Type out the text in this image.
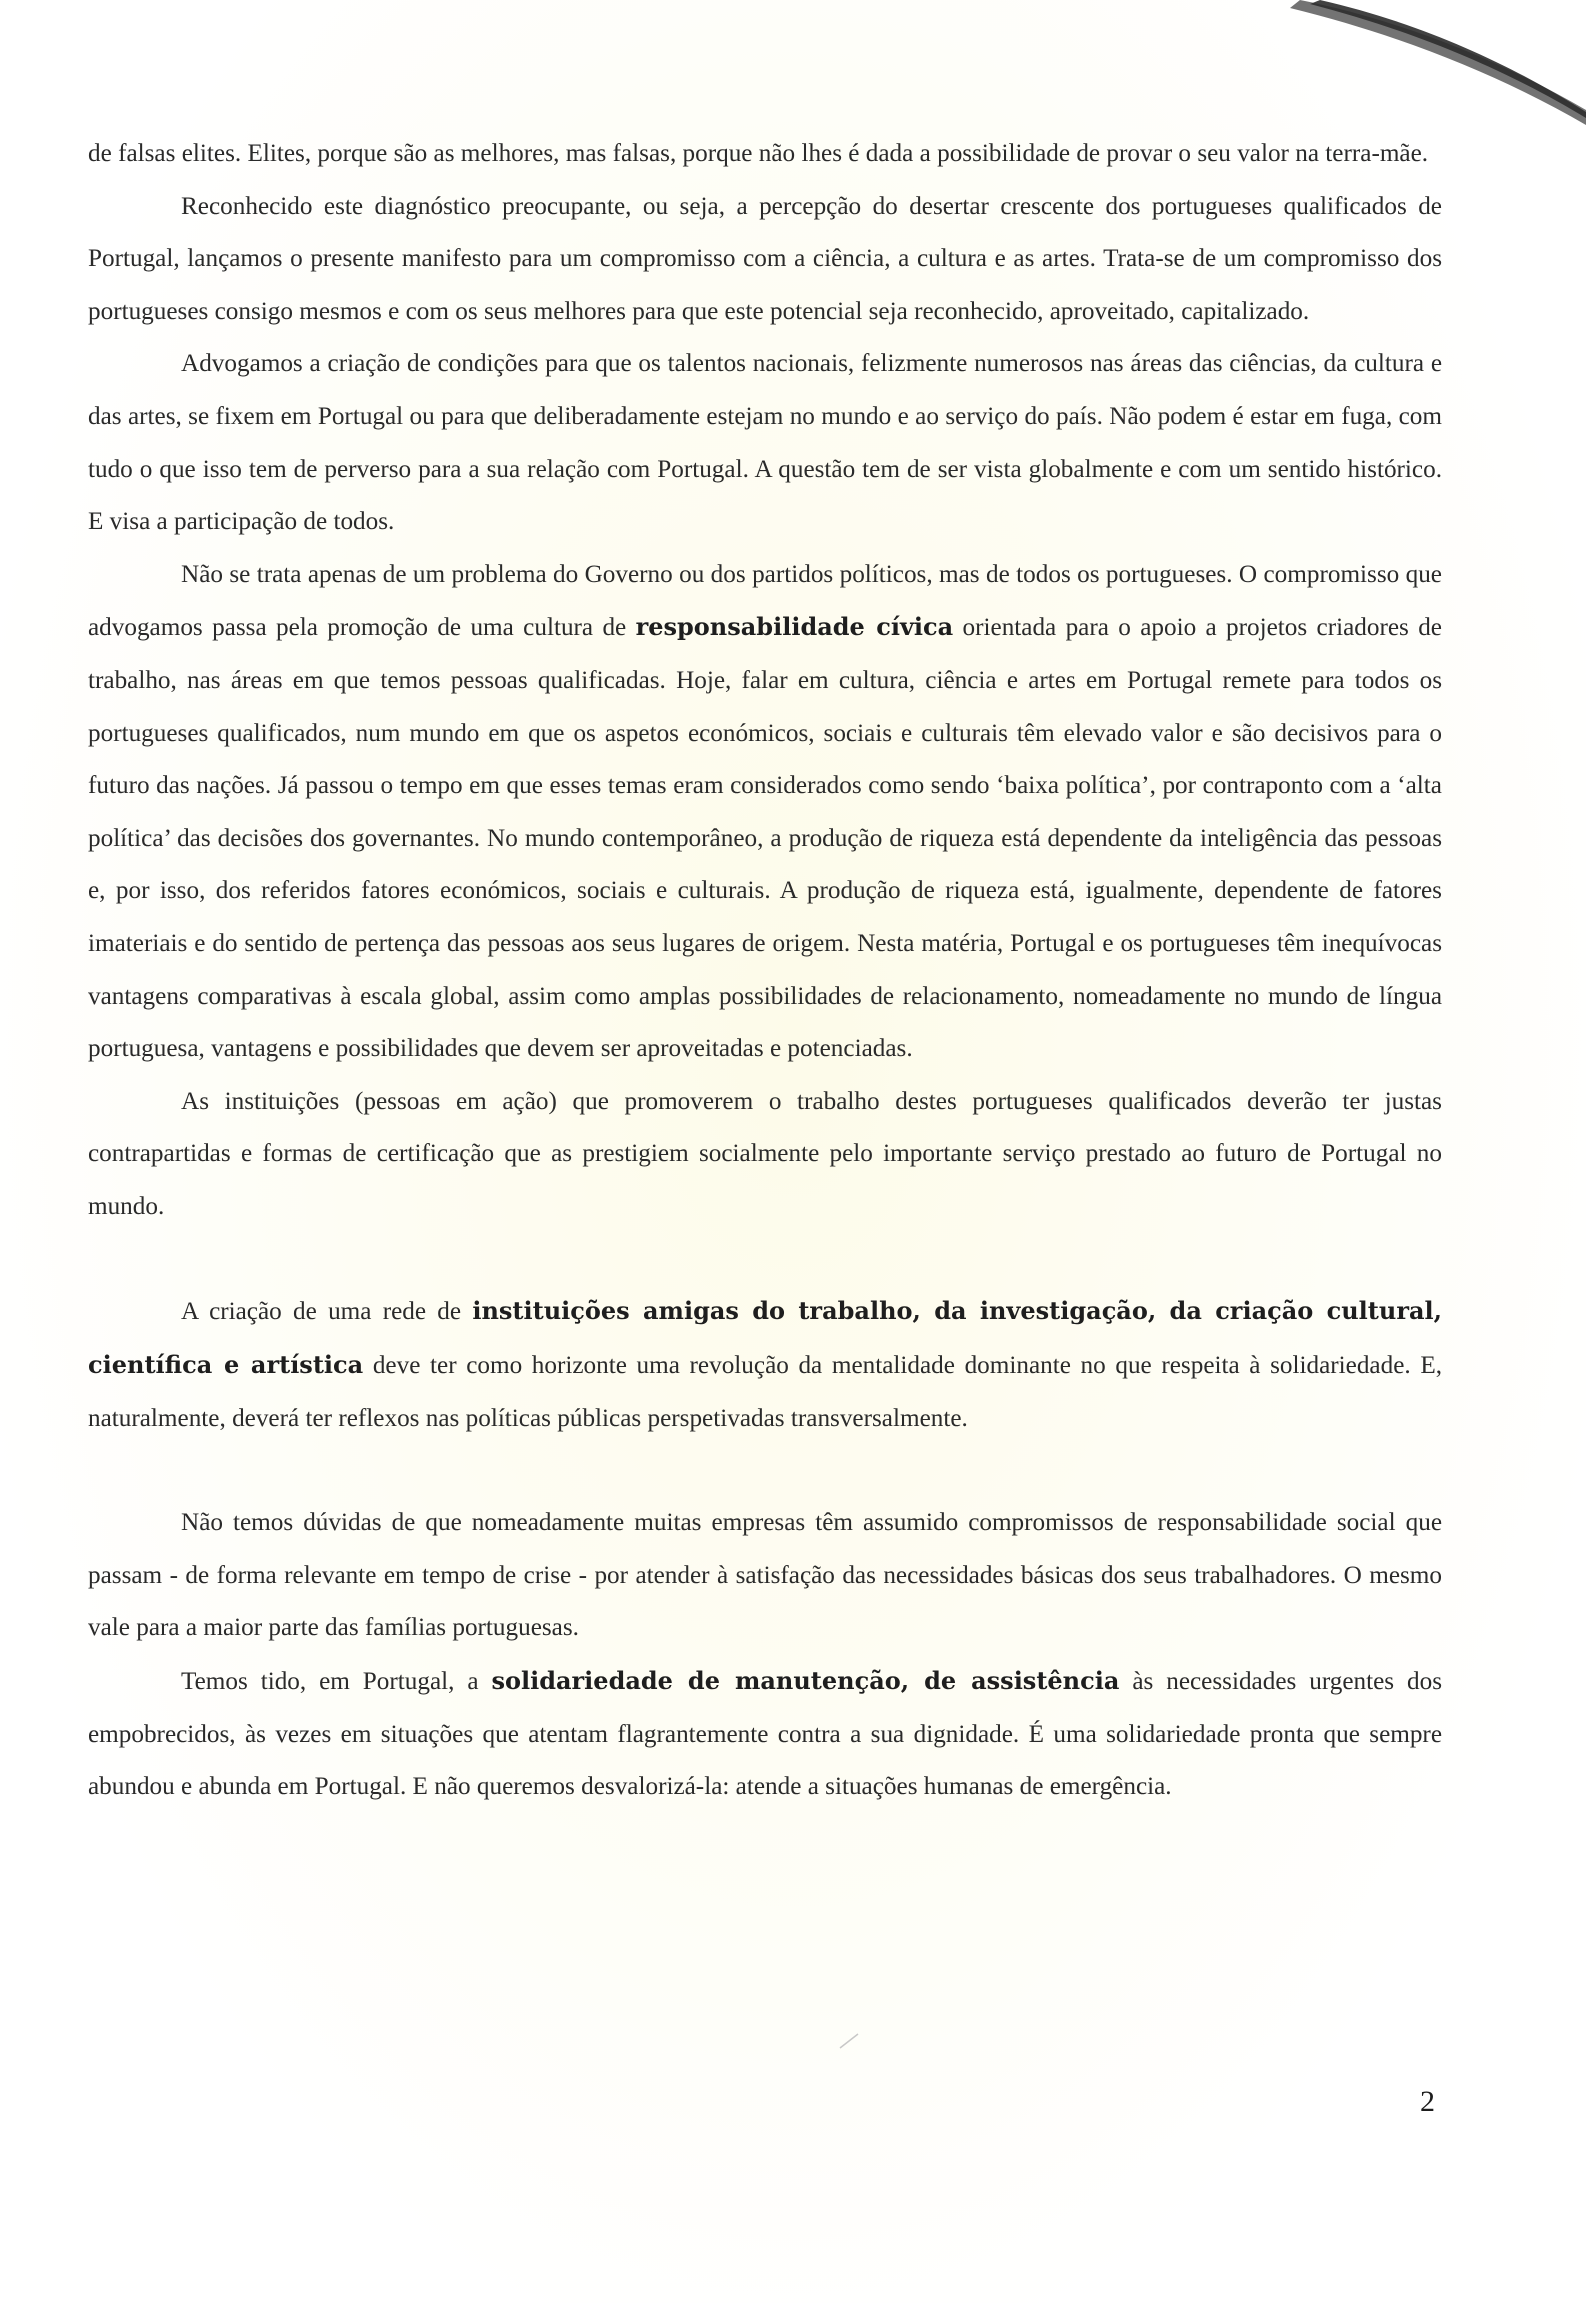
de falsas elites. Elites, porque são as melhores, mas falsas, porque não lhes é dada a possibilidade de provar o seu valor na terra-mãe.

Reconhecido este diagnóstico preocupante, ou seja, a percepção do desertar crescente dos portugueses qualificados de Portugal, lançamos o presente manifesto para um compromisso com a ciência, a cultura e as artes. Trata-se de um compromisso dos portugueses consigo mesmos e com os seus melhores para que este potencial seja reconhecido, aproveitado, capitalizado.

Advogamos a criação de condições para que os talentos nacionais, felizmente numerosos nas áreas das ciências, da cultura e das artes, se fixem em Portugal ou para que deliberadamente estejam no mundo e ao serviço do país. Não podem é estar em fuga, com tudo o que isso tem de perverso para a sua relação com Portugal. A questão tem de ser vista globalmente e com um sentido histórico. E visa a participação de todos.

Não se trata apenas de um problema do Governo ou dos partidos políticos, mas de todos os portugueses. O compromisso que advogamos passa pela promoção de uma cultura de responsabilidade cívica orientada para o apoio a projetos criadores de trabalho, nas áreas em que temos pessoas qualificadas. Hoje, falar em cultura, ciência e artes em Portugal remete para todos os portugueses qualificados, num mundo em que os aspetos económicos, sociais e culturais têm elevado valor e são decisivos para o futuro das nações. Já passou o tempo em que esses temas eram considerados como sendo ‘baixa política’, por contraponto com a ‘alta política’ das decisões dos governantes. No mundo contemporâneo, a produção de riqueza está dependente da inteligência das pessoas e, por isso, dos referidos fatores económicos, sociais e culturais. A produção de riqueza está, igualmente, dependente de fatores imateriais e do sentido de pertença das pessoas aos seus lugares de origem. Nesta matéria, Portugal e os portugueses têm inequívocas vantagens comparativas à escala global, assim como amplas possibilidades de relacionamento, nomeadamente no mundo de língua portuguesa, vantagens e possibilidades que devem ser aproveitadas e potenciadas.

As instituições (pessoas em ação) que promoverem o trabalho destes portugueses qualificados deverão ter justas contrapartidas e formas de certificação que as prestigiem socialmente pelo importante serviço prestado ao futuro de Portugal no mundo.

A criação de uma rede de instituições amigas do trabalho, da investigação, da criação cultural, científica e artística deve ter como horizonte uma revolução da mentalidade dominante no que respeita à solidariedade. E, naturalmente, deverá ter reflexos nas políticas públicas perspetivadas transversalmente.

Não temos dúvidas de que nomeadamente muitas empresas têm assumido compromissos de responsabilidade social que passam - de forma relevante em tempo de crise - por atender à satisfação das necessidades básicas dos seus trabalhadores. O mesmo vale para a maior parte das famílias portuguesas.

Temos tido, em Portugal, a solidariedade de manutenção, de assistência às necessidades urgentes dos empobrecidos, às vezes em situações que atentam flagrantemente contra a sua dignidade. É uma solidariedade pronta que sempre abundou e abunda em Portugal. E não queremos desvalorizá-la: atende a situações humanas de emergência.

2
